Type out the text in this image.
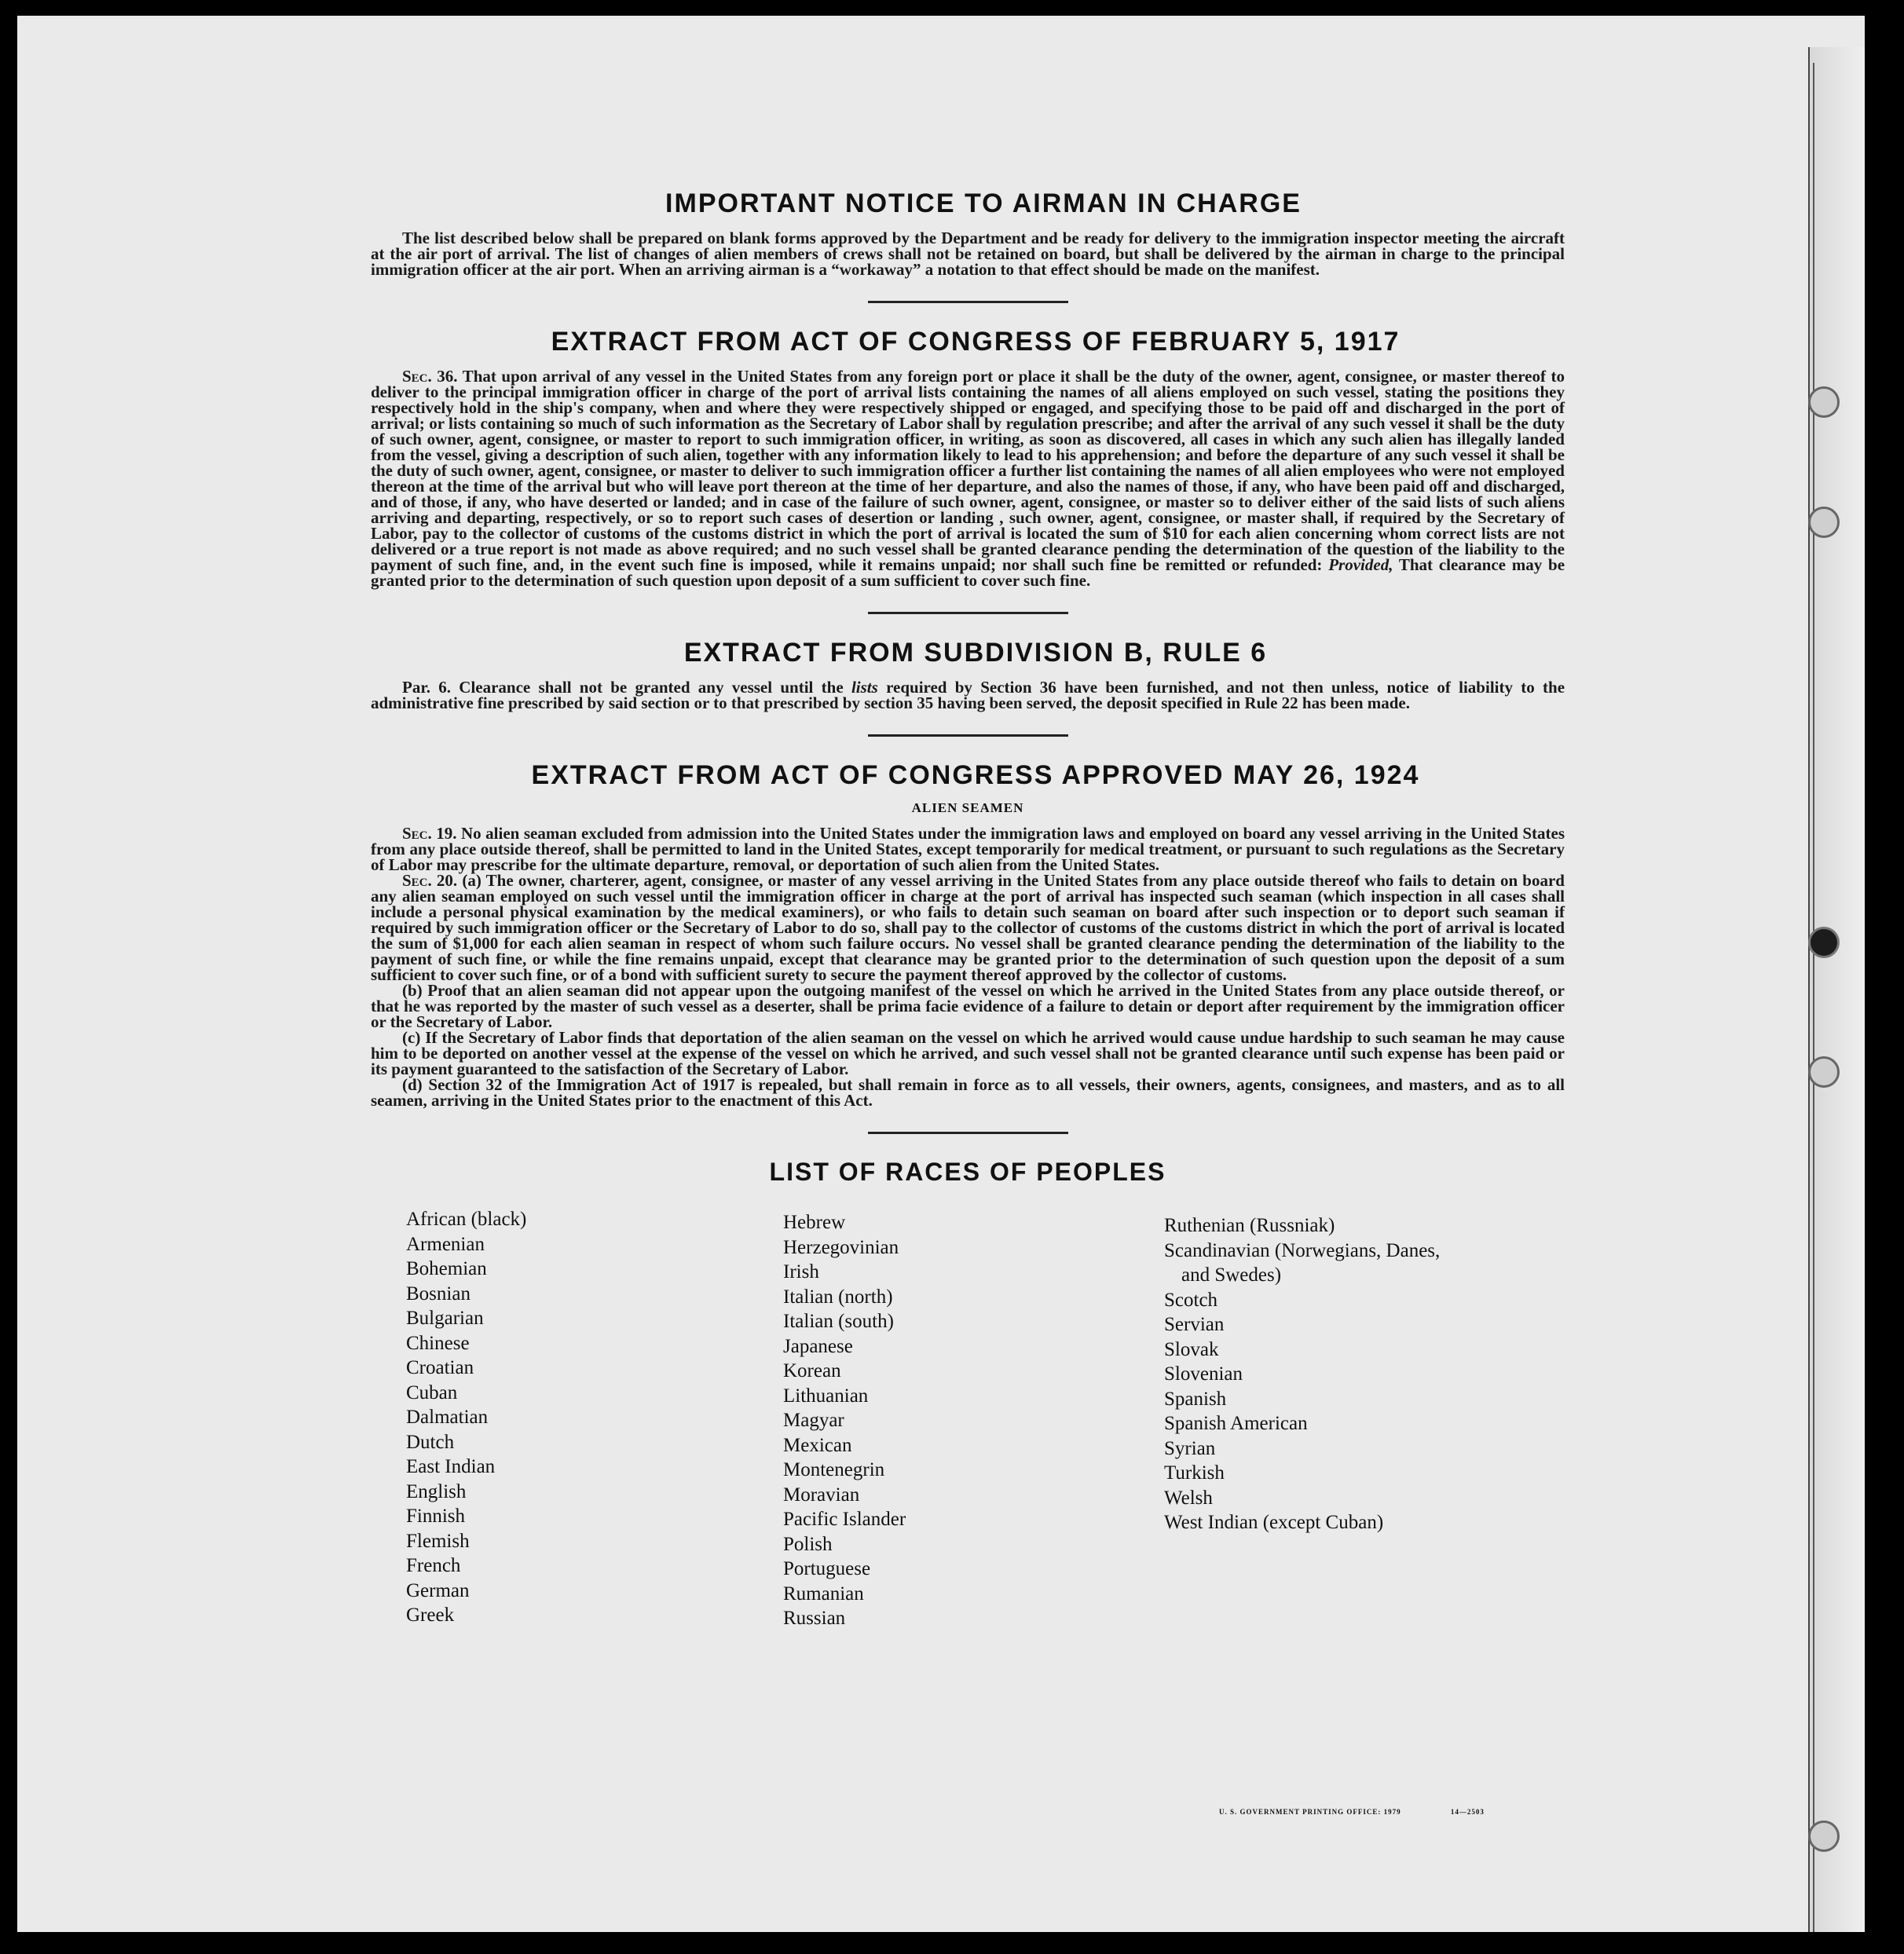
IMPORTANT NOTICE TO AIRMAN IN CHARGE

The list described below shall be prepared on blank forms approved by the Department and be ready for delivery to the immigration inspector meeting the aircraft at the air port of arrival. The list of changes of alien members of crews shall not be retained on board, but shall be delivered by the airman in charge to the principal immigration officer at the air port. When an arriving airman is a “workaway” a notation to that effect should be made on the manifest.

EXTRACT FROM ACT OF CONGRESS OF FEBRUARY 5, 1917

Sec. 36. That upon arrival of any vessel in the United States from any foreign port or place it shall be the duty of the owner, agent, consignee, or master thereof to deliver to the principal immigration officer in charge of the port of arrival lists containing the names of all aliens employed on such vessel, stating the positions they respectively hold in the ship's company, when and where they were respectively shipped or engaged, and specifying those to be paid off and discharged in the port of arrival; or lists containing so much of such information as the Secretary of Labor shall by regulation prescribe; and after the arrival of any such vessel it shall be the duty of such owner, agent, consignee, or master to report to such immigration officer, in writing, as soon as discovered, all cases in which any such alien has illegally landed from the vessel, giving a description of such alien, together with any information likely to lead to his apprehension; and before the departure of any such vessel it shall be the duty of such owner, agent, consignee, or master to deliver to such immigration officer a further list containing the names of all alien employees who were not employed thereon at the time of the arrival but who will leave port thereon at the time of her departure, and also the names of those, if any, who have been paid off and discharged, and of those, if any, who have deserted or landed; and in case of the failure of such owner, agent, consignee, or master so to deliver either of the said lists of such aliens arriving and departing, respectively, or so to report such cases of desertion or landing , such owner, agent, consignee, or master shall, if required by the Secretary of Labor, pay to the collector of customs of the customs district in which the port of arrival is located the sum of $10 for each alien concerning whom correct lists are not delivered or a true report is not made as above required; and no such vessel shall be granted clearance pending the determination of the question of the liability to the payment of such fine, and, in the event such fine is imposed, while it remains unpaid; nor shall such fine be remitted or refunded: Provided, That clearance may be granted prior to the determination of such question upon deposit of a sum sufficient to cover such fine.

EXTRACT FROM SUBDIVISION B, RULE 6

Par. 6. Clearance shall not be granted any vessel until the lists required by Section 36 have been furnished, and not then unless, notice of liability to the administrative fine prescribed by said section or to that prescribed by section 35 having been served, the deposit specified in Rule 22 has been made.

EXTRACT FROM ACT OF CONGRESS APPROVED MAY 26, 1924
ALIEN SEAMEN

Sec. 19. No alien seaman excluded from admission into the United States under the immigration laws and employed on board any vessel arriving in the United States from any place outside thereof, shall be permitted to land in the United States, except temporarily for medical treatment, or pursuant to such regulations as the Secretary of Labor may prescribe for the ultimate departure, removal, or deportation of such alien from the United States.

Sec. 20. (a) The owner, charterer, agent, consignee, or master of any vessel arriving in the United States from any place outside thereof who fails to detain on board any alien seaman employed on such vessel until the immigration officer in charge at the port of arrival has inspected such seaman (which inspection in all cases shall include a personal physical examination by the medical examiners), or who fails to detain such seaman on board after such inspection or to deport such seaman if required by such immigration officer or the Secretary of Labor to do so, shall pay to the collector of customs of the customs district in which the port of arrival is located the sum of $1,000 for each alien seaman in respect of whom such failure occurs. No vessel shall be granted clearance pending the determination of the liability to the payment of such fine, or while the fine remains unpaid, except that clearance may be granted prior to the determination of such question upon the deposit of a sum sufficient to cover such fine, or of a bond with sufficient surety to secure the payment thereof approved by the collector of customs.

(b) Proof that an alien seaman did not appear upon the outgoing manifest of the vessel on which he arrived in the United States from any place outside thereof, or that he was reported by the master of such vessel as a deserter, shall be prima facie evidence of a failure to detain or deport after requirement by the immigration officer or the Secretary of Labor.

(c) If the Secretary of Labor finds that deportation of the alien seaman on the vessel on which he arrived would cause undue hardship to such seaman he may cause him to be deported on another vessel at the expense of the vessel on which he arrived, and such vessel shall not be granted clearance until such expense has been paid or its payment guaranteed to the satisfaction of the Secretary of Labor.

(d) Section 32 of the Immigration Act of 1917 is repealed, but shall remain in force as to all vessels, their owners, agents, consignees, and masters, and as to all seamen, arriving in the United States prior to the enactment of this Act.

LIST OF RACES OF PEOPLES
African (black)
Armenian
Bohemian
Bosnian
Bulgarian
Chinese
Croatian
Cuban
Dalmatian
Dutch
East Indian
English
Finnish
Flemish
French
German
Greek
Hebrew
Herzegovinian
Irish
Italian (north)
Italian (south)
Japanese
Korean
Lithuanian
Magyar
Mexican
Montenegrin
Moravian
Pacific Islander
Polish
Portuguese
Rumanian
Russian
Ruthenian (Russniak)
Scandinavian (Norwegians, Danes,
and Swedes)
Scotch
Servian
Slovak
Slovenian
Spanish
Spanish American
Syrian
Turkish
Welsh
West Indian (except Cuban)
U. S. GOVERNMENT PRINTING OFFICE: 1979	14—2503
